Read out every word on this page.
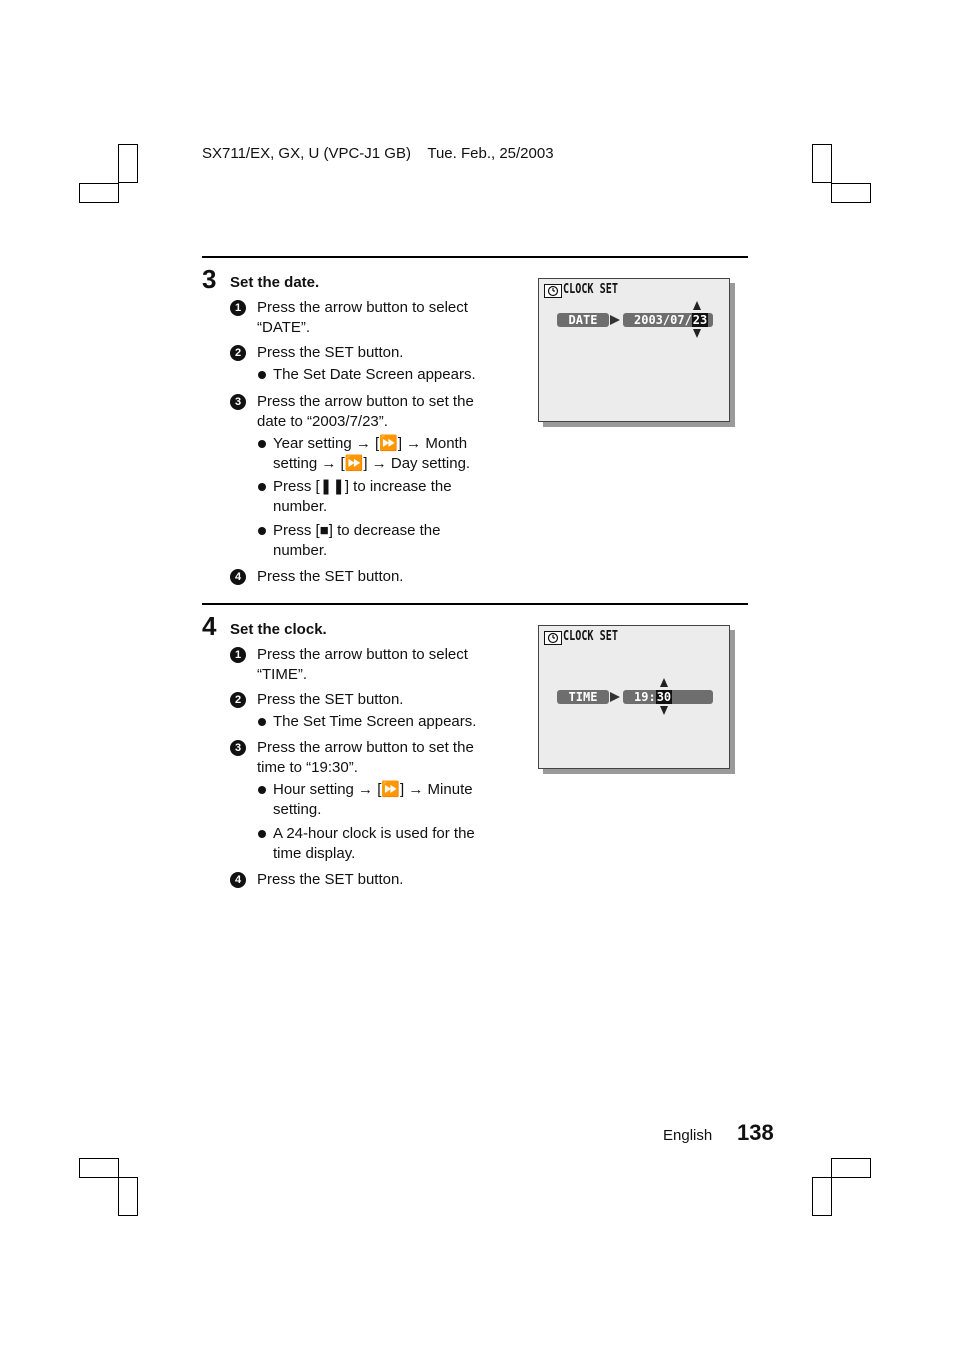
SX711/EX, GX, U (VPC-J1 GB) Tue. Feb., 25/2003
3 Set the date.
1	Press the arrow button to select “DATE”.
2	Press the SET button.
The Set Date Screen appears.
3	Press the arrow button to set the date to “2003/7/23”.
Year setting → [⏩] → Month setting → [⏩] → Day setting.
Press [❚❚] to increase the number.
Press [■] to decrease the number.
4	Press the SET button.
CLOCK SET
DATE	2003/07/23
4 Set the clock.
1	Press the arrow button to select “TIME”.
2	Press the SET button.
The Set Time Screen appears.
3	Press the arrow button to set the time to “19:30”.
Hour setting → [⏩] → Minute setting.
A 24-hour clock is used for the time display.
4	Press the SET button.
CLOCK SET
TIME	19:30
English 138
